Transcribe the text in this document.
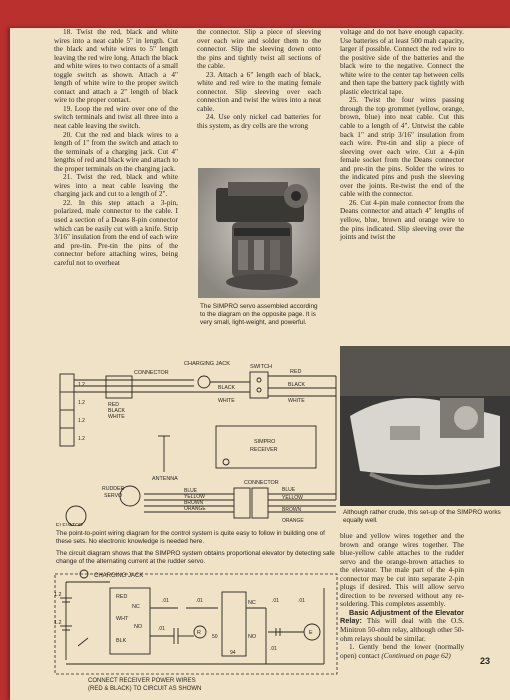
18. Twist the red, black and white wires into a neat cable 5" in length. Cut the black and white wires to 5" length leaving the red wire long. Attach the black and white wires to two contacts of a small toggle switch as shown. Attach a 4" length of white wire to the proper switch contact and attach a 2" length of black wire to the proper contact.

19. Loop the red wire over one of the switch terminals and twist all three into a neat cable leaving the switch.

20. Cut the red and black wires to a length of 1" from the switch and attach to the terminals of a charging jack. Cut 4" lengths of red and black wire and attach to the proper terminals on the charging jack.

21. Twist the red, black and white wires into a neat cable leaving the charging jack and cut to a length of 2".

22. In this step attach a 3-pin, polarized, male connector to the cable. I used a section of a Deans 8-pin connector which can be easily cut with a knife. Strip 3/16" insulation from the end of each wire and pre-tin. Pre-tin the pins of the connector before attaching wires, being careful not to overheat

the connector. Slip a piece of sleeving over each wire and solder them to the connector. Slip the sleeving down onto the pins and tightly twist all sections of the cable.

23. Attach a 6" length each of black, white and red wire to the mating female connector. Slip sleeving over each connection and twist the wires into a neat cable.

24. Use only nickel cad batteries for this system, as dry cells are the wrong

The SIMPRO servo assembled according to the diagram on the opposite page. It is very small, light-weight, and powerful.

voltage and do not have enough capacity. Use batteries of at least 500 mah capacity, larger if possible. Connect the red wire to the positive side of the batteries and the black wire to the negative. Connect the white wire to the center tap between cells and then tape the battery pack tightly with plastic electrical tape.

25. Twist the four wires passing through the top grommet (yellow, orange, brown, blue) into neat cable. Cut this cable to a length of 4". Untwist the cable back 1" and strip 3/16" insulation from each wire. Pre-tin and slip a piece of sleeving over each wire. Cut a 4-pin female socket from the Deans connector and pre-tin the pins. Solder the wires to the indicated pins and push the sleeving over the joints. Re-twist the end of the cable with the connector.

26. Cut 4-pin male connector from the Deans connector and attach 4" lengths of yellow, blue, brown and orange wire to the pins indicated. Slip sleeving over the joints and twist the

Although rather crude, this set-up of the SIMPRO works equally well.

blue and yellow wires together and the brown and orange wires together. The blue-yellow cable attaches to the rudder servo and the orange-brown attaches to the elevator. The male part of the 4-pin connector may be cut into separate 2-pin plugs if desired. This will allow servo direction to be reversed without any re-soldering. This completes assembly.

Basic Adjustment of the Elevator Relay: This will deal with the O.S. Minitron 50-ohm relay, although other 50-ohm relays should be similar.

1. Gently bend the lower (normally open) contact (Continued on page 62)

CHARGING JACK	SWITCH
RED
CONNECTOR
RED
BLACK
WHITE
BLACK
WHITE
BLACK
WHITE
ANTENNA
SIMPRO
RECEIVER
CONNECTOR
BLUE
YELLOW
BROWN
ORANGE
BLUE
YELLOW
BROWN
ORANGE
RUDDER
SERVO
ELEVATOR
1.2
1.2
1.2
1.2
The point-to-point wiring diagram for the control system is quite easy to follow in building one of these sets. No electronic knowledge is needed here.
The circuit diagram shows that the SIMPRO system obtains proportional elevator by detecting safe change of the alternating current at the rudder servo.
CHARGING JACK
1.2
1.2
RED
NC
WHT
NO
BLK
.01	.01
.01
R
50
NC
NO
94
.01	.01
.01
E
CONNECT RECEIVER POWER WIRES
(RED & BLACK) TO CIRCUIT AS SHOWN
23
